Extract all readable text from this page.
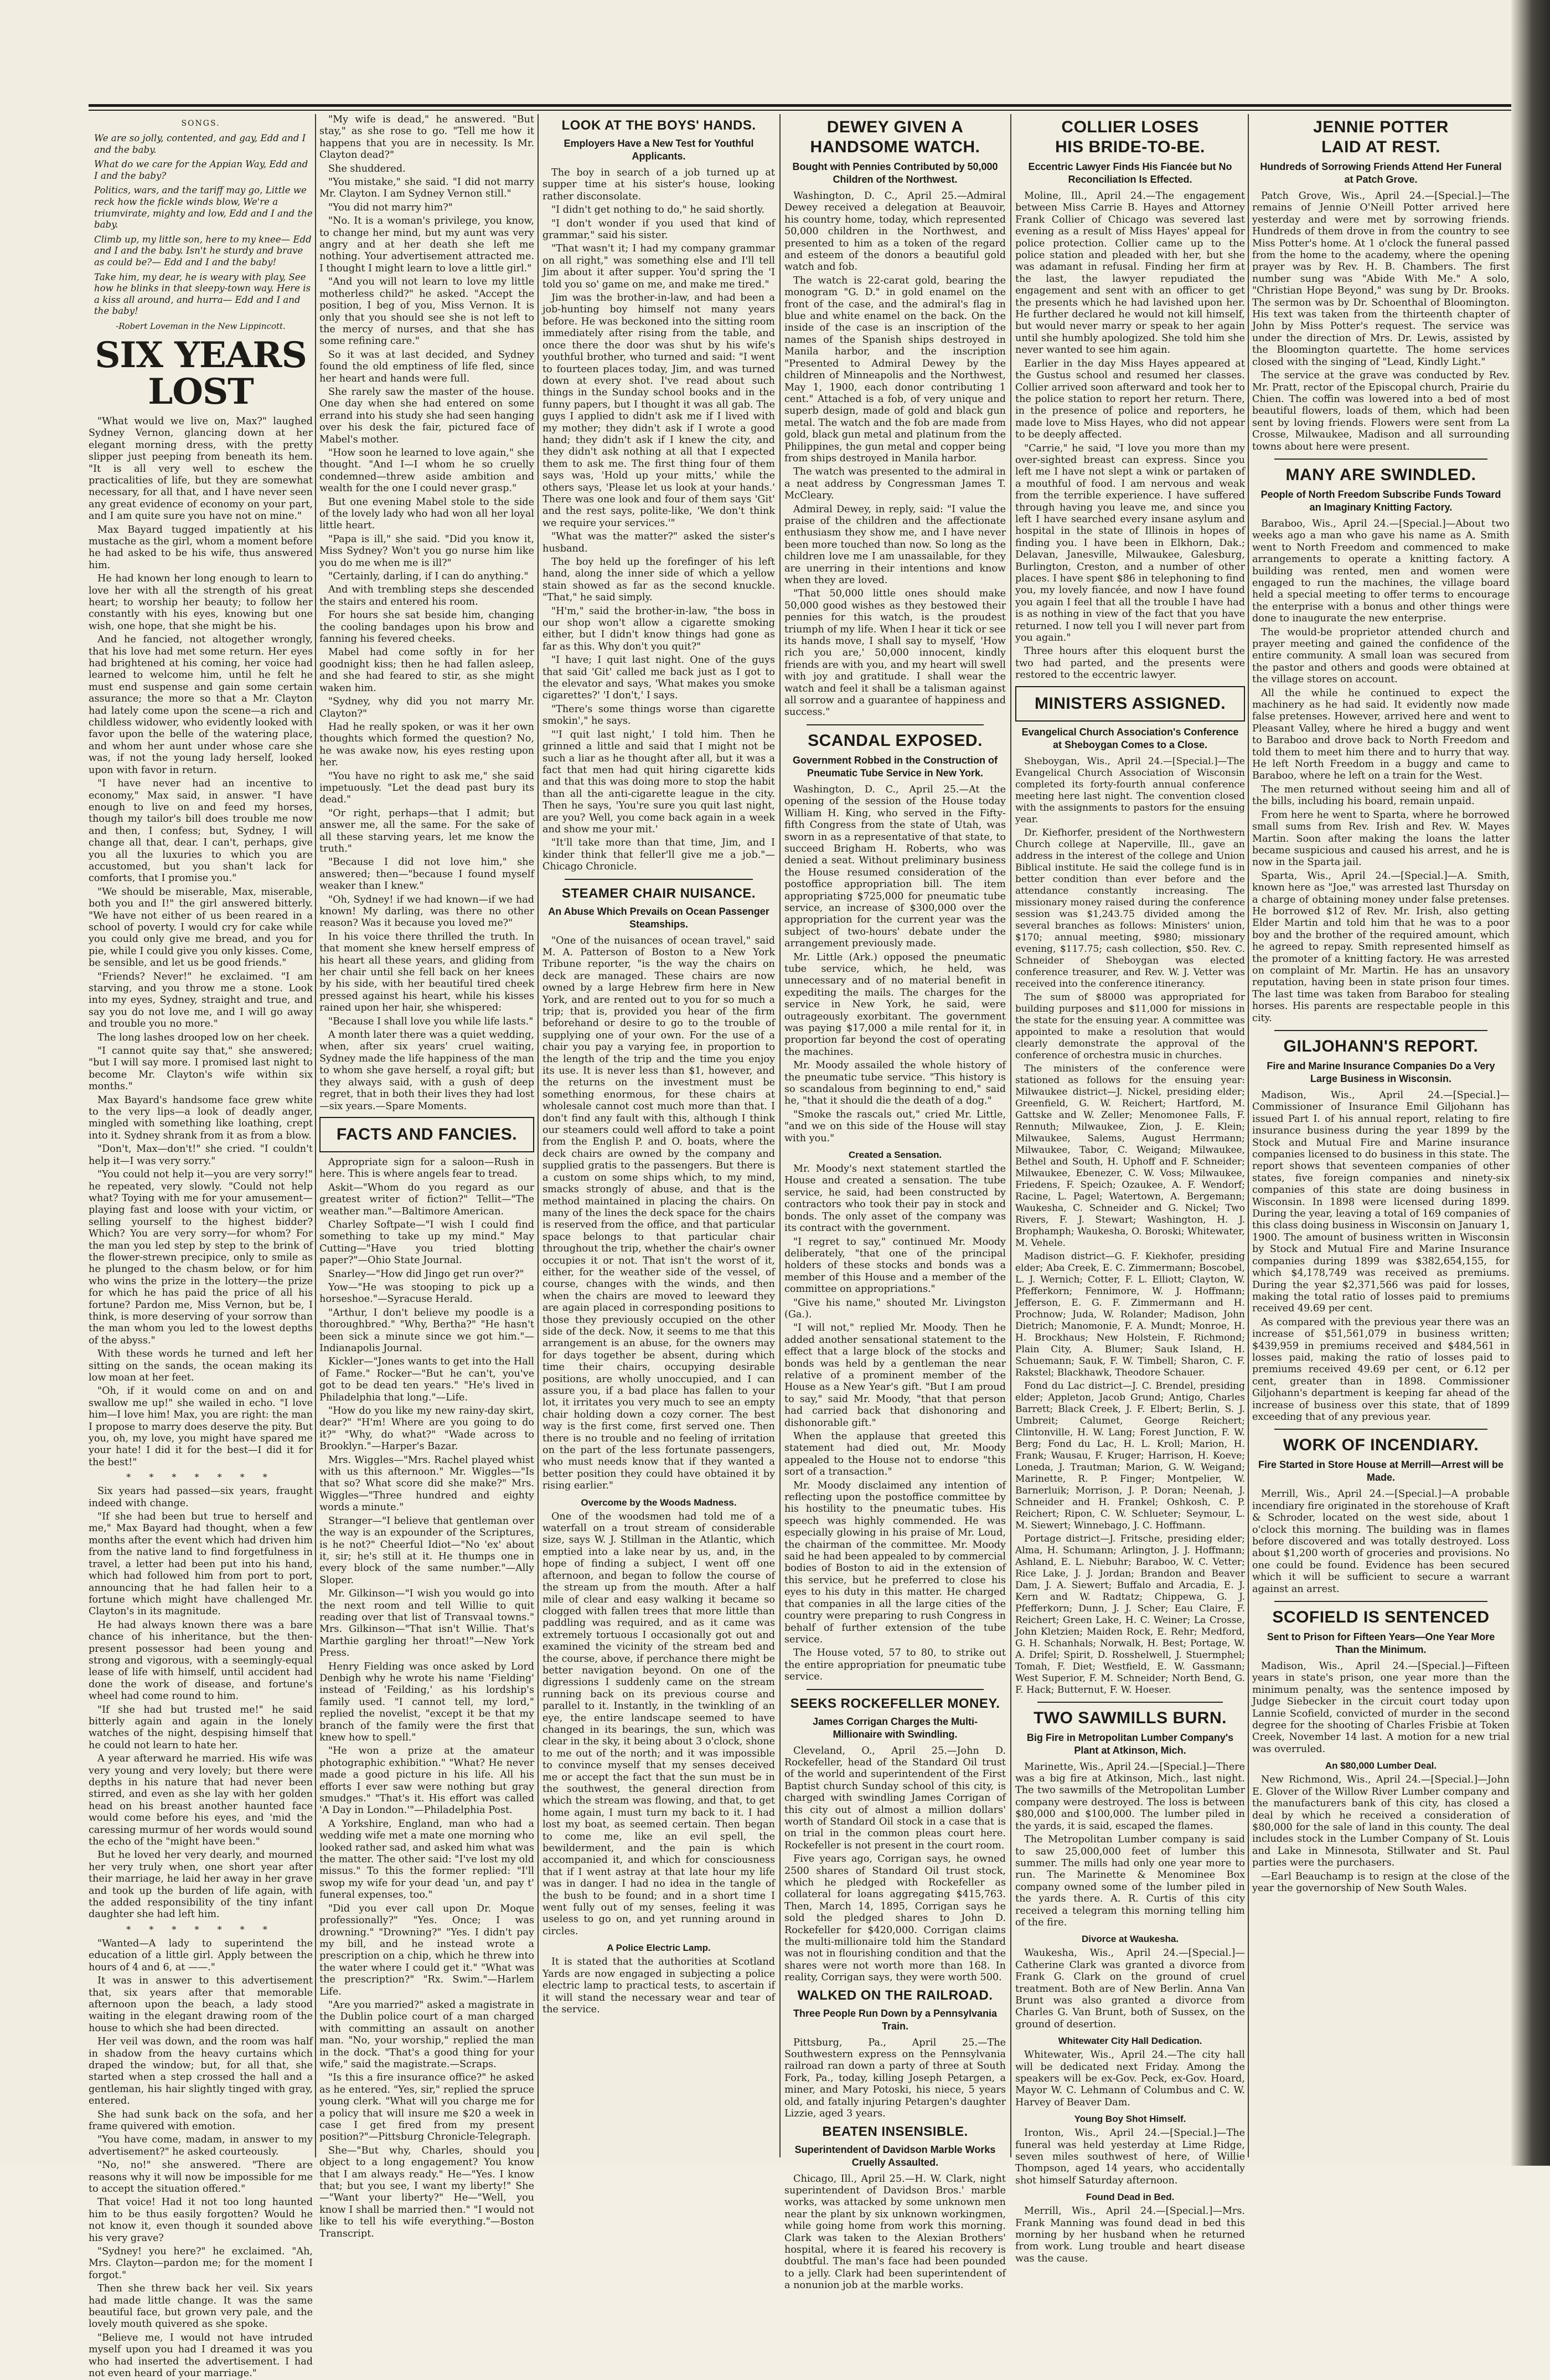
SONGS.

We are so jolly, contented, and gay, Edd and I and the baby.

What do we care for the Appian Way, Edd and I and the baby?

Politics, wars, and the tariff may go, Little we reck how the fickle winds blow, We're a triumvirate, mighty and low, Edd and I and the baby.

Climb up, my little son, here to my knee— Edd and I and the baby. Isn't he sturdy and brave as could be?— Edd and I and the baby!

Take him, my dear, he is weary with play, See how he blinks in that sleepy-town way. Here is a kiss all around, and hurra— Edd and I and the baby!

-Robert Loveman in the New Lippincott.
SIX YEARS LOST

"What would we live on, Max?" laughed Sydney Vernon, glancing down at her elegant morning dress, with the pretty slipper just peeping from beneath its hem. "It is all very well to eschew the practicalities of life, but they are somewhat necessary, for all that, and I have never seen any great evidence of economy on your part, and I am quite sure you have not on mine."

Max Bayard tugged impatiently at his mustache as the girl, whom a moment before he had asked to be his wife, thus answered him.

He had known her long enough to learn to love her with all the strength of his great heart; to worship her beauty; to follow her constantly with his eyes, knowing but one wish, one hope, that she might be his.

And he fancied, not altogether wrongly, that his love had met some return. Her eyes had brightened at his coming, her voice had learned to welcome him, until he felt he must end suspense and gain some certain assurance; the more so that a Mr. Clayton had lately come upon the scene—a rich and childless widower, who evidently looked with favor upon the belle of the watering place, and whom her aunt under whose care she was, if not the young lady herself, looked upon with favor in return.

"I have never had an incentive to economy," Max said, in answer. "I have enough to live on and feed my horses, though my tailor's bill does trouble me now and then, I confess; but, Sydney, I will change all that, dear. I can't, perhaps, give you all the luxuries to which you are accustomed, but you shan't lack for comforts, that I promise you."

"We should be miserable, Max, miserable, both you and I!" the girl answered bitterly. "We have not either of us been reared in a school of poverty. I would cry for cake while you could only give me bread, and you for pie, while I could give you only kisses. Come, be sensible, and let us be good friends."

"Friends? Never!" he exclaimed. "I am starving, and you throw me a stone. Look into my eyes, Sydney, straight and true, and say you do not love me, and I will go away and trouble you no more."

The long lashes drooped low on her cheek.

"I cannot quite say that," she answered; "but I will say more. I promised last night to become Mr. Clayton's wife within six months."

Max Bayard's handsome face grew white to the very lips—a look of deadly anger, mingled with something like loathing, crept into it. Sydney shrank from it as from a blow.

"Don't, Max—don't!" she cried. "I couldn't help it—I was very sorry."

"You could not help it—you are very sorry!" he repeated, very slowly. "Could not help what? Toying with me for your amusement—playing fast and loose with your victim, or selling yourself to the highest bidder? Which? You are very sorry—for whom? For the man you led step by step to the brink of the flower-strewn precipice, only to smile as he plunged to the chasm below, or for him who wins the prize in the lottery—the prize for which he has paid the price of all his fortune? Pardon me, Miss Vernon, but be, I think, is more deserving of your sorrow than the man whom you led to the lowest depths of the abyss."

With these words he turned and left her sitting on the sands, the ocean making its low moan at her feet.

"Oh, if it would come on and on and swallow me up!" she wailed in echo. "I love him—I love him! Max, you are right: the man I propose to marry does deserve the pity. But you, oh, my love, you might have spared me your hate! I did it for the best—I did it for the best!"

* * * * * * *

Six years had passed—six years, fraught indeed with change.

"If she had been but true to herself and me," Max Bayard had thought, when a few months after the event which had driven him from the native land to find forgetfulness in travel, a letter had been put into his hand, which had followed him from port to port, announcing that he had fallen heir to a fortune which might have challenged Mr. Clayton's in its magnitude.

He had always known there was a bare chance of his inheritance, but the then-present possessor had been young and strong and vigorous, with a seemingly-equal lease of life with himself, until accident had done the work of disease, and fortune's wheel had come round to him.

"If she had but trusted me!" he said bitterly again and again in the lonely watches of the night, despising himself that he could not learn to hate her.

A year afterward he married. His wife was very young and very lovely; but there were depths in his nature that had never been stirred, and even as she lay with her golden head on his breast another haunted face would come before his eyes, and 'mid the caressing murmur of her words would sound the echo of the "might have been."

But he loved her very dearly, and mourned her very truly when, one short year after their marriage, he laid her away in her grave and took up the burden of life again, with the added responsibility of the tiny infant daughter she had left him.

* * * * * * *

"Wanted—A lady to superintend the education of a little girl. Apply between the hours of 4 and 6, at ——."

It was in answer to this advertisement that, six years after that memorable afternoon upon the beach, a lady stood waiting in the elegant drawing room of the house to which she had been directed.

Her veil was down, and the room was half in shadow from the heavy curtains which draped the window; but, for all that, she started when a step crossed the hall and a gentleman, his hair slightly tinged with gray, entered.

She had sunk back on the sofa, and her frame quivered with emotion.

"You have come, madam, in answer to my advertisement?" he asked courteously.

"No, no!" she answered. "There are reasons why it will now be impossible for me to accept the situation offered."

That voice! Had it not too long haunted him to be thus easily forgotten? Would he not know it, even though it sounded above his very grave?

"Sydney! you here?" he exclaimed. "Ah, Mrs. Clayton—pardon me; for the moment I forgot."

Then she threw back her veil. Six years had made little change. It was the same beautiful face, but grown very pale, and the lovely mouth quivered as she spoke.

"Believe me, I would not have intruded myself upon you had I dreamed it was you who had inserted the advertisement. I had not even heard of your marriage."

"My wife is dead," he answered. "But stay," as she rose to go. "Tell me how it happens that you are in necessity. Is Mr. Clayton dead?"

She shuddered.

"You mistake," she said. "I did not marry Mr. Clayton. I am Sydney Vernon still."

"You did not marry him?"

"No. It is a woman's privilege, you know, to change her mind, but my aunt was very angry and at her death she left me nothing. Your advertisement attracted me. I thought I might learn to love a little girl."

"And you will not learn to love my little motherless child?" he asked. "Accept the position, I beg of you, Miss Vernon. It is only that you should see she is not left to the mercy of nurses, and that she has some refining care."

So it was at last decided, and Sydney found the old emptiness of life fled, since her heart and hands were full.

She rarely saw the master of the house. One day when she had entered on some errand into his study she had seen hanging over his desk the fair, pictured face of Mabel's mother.

"How soon he learned to love again," she thought. "And I—I whom he so cruelly condemned—threw aside ambition and wealth for the one I could never grasp."

But one evening Mabel stole to the side of the lovely lady who had won all her loyal little heart.

"Papa is ill," she said. "Did you know it, Miss Sydney? Won't you go nurse him like you do me when me is ill?"

"Certainly, darling, if I can do anything."

And with trembling steps she descended the stairs and entered his room.

For hours she sat beside him, changing the cooling bandages upon his brow and fanning his fevered cheeks.

Mabel had come softly in for her goodnight kiss; then he had fallen asleep, and she had feared to stir, as she might waken him.

"Sydney, why did you not marry Mr. Clayton?"

Had he really spoken, or was it her own thoughts which formed the question? No, he was awake now, his eyes resting upon her.

"You have no right to ask me," she said impetuously. "Let the dead past bury its dead."

"Or right, perhaps—that I admit; but answer me, all the same. For the sake of all these starving years, let me know the truth."

"Because I did not love him," she answered; then—"because I found myself weaker than I knew."

"Oh, Sydney! if we had known—if we had known! My darling, was there no other reason? Was it because you loved me?"

In his voice there thrilled the truth. In that moment she knew herself empress of his heart all these years, and gliding from her chair until she fell back on her knees by his side, with her beautiful tired cheek pressed against his heart, while his kisses rained upon her hair, she whispered:

"Because I shall love you while life lasts."

A month later there was a quiet wedding, when, after six years' cruel waiting, Sydney made the life happiness of the man to whom she gave herself, a royal gift; but they always said, with a gush of deep regret, that in both their lives they had lost—six years.—Spare Moments.

FACTS AND FANCIES.

Appropriate sign for a saloon—Rush in here. This is where angels fear to tread.

Askit—"Whom do you regard as our greatest writer of fiction?" Tellit—"The weather man."—Baltimore American.

Charley Softpate—"I wish I could find something to take up my mind." May Cutting—"Have you tried blotting paper?"—Ohio State Journal.

Snarley—"How did Jingo get run over?"

Yow—"He was stooping to pick up a horseshoe."—Syracuse Herald.

"Arthur, I don't believe my poodle is a thoroughbred." "Why, Bertha?" "He hasn't been sick a minute since we got him."—Indianapolis Journal.

Kickler—"Jones wants to get into the Hall of Fame." Rocker—"But he can't, you've got to be dead ten years." "He's lived in Philadelphia that long."—Life.

"How do you like my new rainy-day skirt, dear?" "H'm! Where are you going to do it?" "Why, do what?" "Wade across to Brooklyn."—Harper's Bazar.

Mrs. Wiggles—"Mrs. Rachel played whist with us this afternoon." Mr. Wiggles—"Is that so? What score did she make?" Mrs. Wiggles—"Three hundred and eighty words a minute."

Stranger—"I believe that gentleman over the way is an expounder of the Scriptures, is he not?" Cheerful Idiot—"No 'ex' about it, sir; he's still at it. He thumps one in every block of the same number."—Ally Sloper.

Mr. Gilkinson—"I wish you would go into the next room and tell Willie to quit reading over that list of Transvaal towns." Mrs. Gilkinson—"That isn't Willie. That's Marthie gargling her throat!"—New York Press.

Henry Fielding was once asked by Lord Denbigh why he wrote his name 'Fielding' instead of 'Feilding,' as his lordship's family used. "I cannot tell, my lord," replied the novelist, "except it be that my branch of the family were the first that knew how to spell."

"He won a prize at the amateur photographic exhibition." "What? He never made a good picture in his life. All his efforts I ever saw were nothing but gray smudges." "That's it. His effort was called 'A Day in London.'"—Philadelphia Post.

A Yorkshire, England, man who had a wedding wife met a mate one morning who looked rather sad, and asked him what was the matter. The other said: "I've lost my old missus." To this the former replied: "I'll swop my wife for your dead 'un, and pay t' funeral expenses, too."

"Did you ever call upon Dr. Moque professionally?" "Yes. Once; I was drowning." "Drowning?" "Yes. I didn't pay my bill, and he instead wrote a prescription on a chip, which he threw into the water where I could get it." "What was the prescription?" "Rx. Swim."—Harlem Life.

"Are you married?" asked a magistrate in the Dublin police court of a man charged with committing an assault on another man. "No, your worship," replied the man in the dock. "That's a good thing for your wife," said the magistrate.—Scraps.

"Is this a fire insurance office?" he asked as he entered. "Yes, sir," replied the spruce young clerk. "What will you charge me for a policy that will insure me $20 a week in case I get fired from my present position?"—Pittsburg Chronicle-Telegraph.

She—"But why, Charles, should you object to a long engagement? You know that I am always ready." He—"Yes. I know that; but you see, I want my liberty!" She—"Want your liberty?" He—"Well, you know I shall be married then." "I would not like to tell his wife everything."—Boston Transcript.

LOOK AT THE BOYS' HANDS.
Employers Have a New Test for Youthful Applicants.

The boy in search of a job turned up at supper time at his sister's house, looking rather disconsolate.

"I didn't get nothing to do," he said shortly.

"I don't wonder if you used that kind of grammar," said his sister.

"That wasn't it; I had my company grammar on all right," was something else and I'll tell Jim about it after supper. You'd spring the 'I told you so' game on me, and make me tired."

Jim was the brother-in-law, and had been a job-hunting boy himself not many years before. He was beckoned into the sitting room immediately after rising from the table, and once there the door was shut by his wife's youthful brother, who turned and said: "I went to fourteen places today, Jim, and was turned down at every shot. I've read about such things in the Sunday school books and in the funny papers, but I thought it was all gab. The guys I applied to didn't ask me if I lived with my mother; they didn't ask if I wrote a good hand; they didn't ask if I knew the city, and they didn't ask nothing at all that I expected them to ask me. The first thing four of them says was, 'Hold up your mitts,' while the others says, 'Please let us look at your hands.' There was one look and four of them says 'Git' and the rest says, polite-like, 'We don't think we require your services.'"

"What was the matter?" asked the sister's husband.

The boy held up the forefinger of his left hand, along the inner side of which a yellow stain showed as far as the second knuckle. "That," he said simply.

"H'm," said the brother-in-law, "the boss in our shop won't allow a cigarette smoking either, but I didn't know things had gone as far as this. Why don't you quit?"

"I have; I quit last night. One of the guys that said 'Git' called me back just as I got to the elevator and says, 'What makes you smoke cigarettes?' 'I don't,' I says.

"There's some things worse than cigarette smokin'," he says.

"'I quit last night,' I told him. Then he grinned a little and said that I might not be such a liar as he thought after all, but it was a fact that men had quit hiring cigarette kids and that this was doing more to stop the habit than all the anti-cigarette league in the city. Then he says, 'You're sure you quit last night, are you? Well, you come back again in a week and show me your mit.'

"It'll take more than that time, Jim, and I kinder think that feller'll give me a job."—Chicago Chronicle.

STEAMER CHAIR NUISANCE.
An Abuse Which Prevails on Ocean Passenger Steamships.

"One of the nuisances of ocean travel," said M. A. Patterson of Boston to a New York Tribune reporter, "is the way the chairs on deck are managed. These chairs are now owned by a large Hebrew firm here in New York, and are rented out to you for so much a trip; that is, provided you hear of the firm beforehand or desire to go to the trouble of supplying one of your own. For the use of a chair you pay a varying fee, in proportion to the length of the trip and the time you enjoy its use. It is never less than $1, however, and the returns on the investment must be something enormous, for these chairs at wholesale cannot cost much more than that. I don't find any fault with this, although I think our steamers could well afford to take a point from the English P. and O. boats, where the deck chairs are owned by the company and supplied gratis to the passengers. But there is a custom on some ships which, to my mind, smacks strongly of abuse, and that is the method maintained in placing the chairs. On many of the lines the deck space for the chairs is reserved from the office, and that particular space belongs to that particular chair throughout the trip, whether the chair's owner occupies it or not. That isn't the worst of it, either, for the weather side of the vessel, of course, changes with the winds, and then when the chairs are moved to leeward they are again placed in corresponding positions to those they previously occupied on the other side of the deck. Now, it seems to me that this arrangement is an abuse, for the owners may for days together be absent, during which time their chairs, occupying desirable positions, are wholly unoccupied, and I can assure you, if a bad place has fallen to your lot, it irritates you very much to see an empty chair holding down a cozy corner. The best way is the first come, first served one. Then there is no trouble and no feeling of irritation on the part of the less fortunate passengers, who must needs know that if they wanted a better position they could have obtained it by rising earlier."

Overcome by the Woods Madness.

One of the woodsmen had told me of a waterfall on a trout stream of considerable size, says W. J. Stillman in the Atlantic, which emptied into a lake near by us, and, in the hope of finding a subject, I went off one afternoon, and began to follow the course of the stream up from the mouth. After a half mile of clear and easy walking it became so clogged with fallen trees that more little than paddling was required, and as it came was extremely tortuous I occasionally got out and examined the vicinity of the stream bed and the course, above, if perchance there might be better navigation beyond. On one of the digressions I suddenly came on the stream running back on its previous course and parallel to it. Instantly, in the twinkling of an eye, the entire landscape seemed to have changed in its bearings, the sun, which was clear in the sky, it being about 3 o'clock, shone to me out of the north; and it was impossible to convince myself that my senses deceived me or accept the fact that the sun must be in the southwest, the general direction from which the stream was flowing, and that, to get home again, I must turn my back to it. I had lost my boat, as seemed certain. Then began to come me, like an evil spell, the bewilderment, and the pain is which accompanied it, and which for consciousness that if I went astray at that late hour my life was in danger. I had no idea in the tangle of the bush to be found; and in a short time I went fully out of my senses, feeling it was useless to go on, and yet running around in circles.

A Police Electric Lamp.

It is stated that the authorities at Scotland Yards are now engaged in subjecting a police electric lamp to practical tests, to ascertain if it will stand the necessary wear and tear of the service.

DEWEY GIVEN A
HANDSOME WATCH.
Bought with Pennies Contributed by 50,000 Children of the Northwest.

Washington, D. C., April 25.—Admiral Dewey received a delegation at Beauvoir, his country home, today, which represented 50,000 children in the Northwest, and presented to him as a token of the regard and esteem of the donors a beautiful gold watch and fob.

The watch is 22-carat gold, bearing the monogram "G. D." in gold enamel on the front of the case, and the admiral's flag in blue and white enamel on the back. On the inside of the case is an inscription of the names of the Spanish ships destroyed in Manila harbor, and the inscription "Presented to Admiral Dewey by the children of Minneapolis and the Northwest, May 1, 1900, each donor contributing 1 cent." Attached is a fob, of very unique and superb design, made of gold and black gun metal. The watch and the fob are made from gold, black gun metal and platinum from the Philippines, the gun metal and copper being from ships destroyed in Manila harbor.

The watch was presented to the admiral in a neat address by Congressman James T. McCleary.

Admiral Dewey, in reply, said: "I value the praise of the children and the affectionate enthusiasm they show me, and I have never been more touched than now. So long as the children love me I am unassailable, for they are unerring in their intentions and know when they are loved.

"That 50,000 little ones should make 50,000 good wishes as they bestowed their pennies for this watch, is the proudest triumph of my life. When I hear it tick or see its hands move, I shall say to myself, 'How rich you are,' 50,000 innocent, kindly friends are with you, and my heart will swell with joy and gratitude. I shall wear the watch and feel it shall be a talisman against all sorrow and a guarantee of happiness and success."

SCANDAL EXPOSED.
Government Robbed in the Construction of Pneumatic Tube Service in New York.

Washington, D. C., April 25.—At the opening of the session of the House today William H. King, who served in the Fifty-fifth Congress from the state of Utah, was sworn in as a representative of that state, to succeed Brigham H. Roberts, who was denied a seat. Without preliminary business the House resumed consideration of the postoffice appropriation bill. The item appropriating $725,000 for pneumatic tube service, an increase of $300,000 over the appropriation for the current year was the subject of two-hours' debate under the arrangement previously made.

Mr. Little (Ark.) opposed the pneumatic tube service, which, he held, was unnecessary and of no material benefit in expediting the mails. The charges for the service in New York, he said, were outrageously exorbitant. The government was paying $17,000 a mile rental for it, in proportion far beyond the cost of operating the machines.

Mr. Moody assailed the whole history of the pneumatic tube service. "This history is so scandalous from beginning to end," said he, "that it should die the death of a dog."

"Smoke the rascals out," cried Mr. Little, "and we on this side of the House will stay with you."

Created a Sensation.

Mr. Moody's next statement startled the House and created a sensation. The tube service, he said, had been constructed by contractors who took their pay in stock and bonds. The only asset of the company was its contract with the government.

"I regret to say," continued Mr. Moody deliberately, "that one of the principal holders of these stocks and bonds was a member of this House and a member of the committee on appropriations."

"Give his name," shouted Mr. Livingston (Ga.).

"I will not," replied Mr. Moody. Then he added another sensational statement to the effect that a large block of the stocks and bonds was held by a gentleman the near relative of a prominent member of the House as a New Year's gift. "But I am proud to say," said Mr. Moody, "that that person had carried back that dishonoring and dishonorable gift."

When the applause that greeted this statement had died out, Mr. Moody appealed to the House not to endorse "this sort of a transaction."

Mr. Moody disclaimed any intention of reflecting upon the postoffice committee by his hostility to the pneumatic tubes. His speech was highly commended. He was especially glowing in his praise of Mr. Loud, the chairman of the committee. Mr. Moody said he had been appealed to by commercial bodies of Boston to aid in the extension of this service, but he preferred to close his eyes to his duty in this matter. He charged that companies in all the large cities of the country were preparing to rush Congress in behalf of further extension of the tube service.

The House voted, 57 to 80, to strike out the entire appropriation for pneumatic tube service.

SEEKS ROCKEFELLER MONEY.
James Corrigan Charges the Multi-Millionaire with Swindling.

Cleveland, O., April 25.—John D. Rockefeller, head of the Standard Oil trust of the world and superintendent of the First Baptist church Sunday school of this city, is charged with swindling James Corrigan of this city out of almost a million dollars' worth of Standard Oil stock in a case that is on trial in the common pleas court here. Rockefeller is not present in the court room.

Five years ago, Corrigan says, he owned 2500 shares of Standard Oil trust stock, which he pledged with Rockefeller as collateral for loans aggregating $415,763. Then, March 14, 1895, Corrigan says he sold the pledged shares to John D. Rockefeller for $420,000. Corrigan claims the multi-millionaire told him the Standard was not in flourishing condition and that the shares were not worth more than 168. In reality, Corrigan says, they were worth 500.

WALKED ON THE RAILROAD.
Three People Run Down by a Pennsylvania Train.

Pittsburg, Pa., April 25.—The Southwestern express on the Pennsylvania railroad ran down a party of three at South Fork, Pa., today, killing Joseph Petargen, a miner, and Mary Potoski, his niece, 5 years old, and fatally injuring Petargen's daughter Lizzie, aged 3 years.

BEATEN INSENSIBLE.
Superintendent of Davidson Marble Works Cruelly Assaulted.

Chicago, Ill., April 25.—H. W. Clark, night superintendent of Davidson Bros.' marble works, was attacked by some unknown men near the plant by six unknown workingmen, while going home from work this morning. Clark was taken to the Alexian Brothers' hospital, where it is feared his recovery is doubtful. The man's face had been pounded to a jelly. Clark had been superintendent of a nonunion job at the marble works.

COLLIER LOSES
HIS BRIDE-TO-BE.
Eccentric Lawyer Finds His Fiancée but No Reconciliation Is Effected.

Moline, Ill., April 24.—The engagement between Miss Carrie B. Hayes and Attorney Frank Collier of Chicago was severed last evening as a result of Miss Hayes' appeal for police protection. Collier came up to the police station and pleaded with her, but she was adamant in refusal. Finding her firm at the last, the lawyer repudiated the engagement and sent with an officer to get the presents which he had lavished upon her. He further declared he would not kill himself, but would never marry or speak to her again until she humbly apologized. She told him she never wanted to see him again.

Earlier in the day Miss Hayes appeared at the Gustus school and resumed her classes. Collier arrived soon afterward and took her to the police station to report her return. There, in the presence of police and reporters, he made love to Miss Hayes, who did not appear to be deeply affected.

"Carrie," he said, "I love you more than my over-sighted breast can express. Since you left me I have not slept a wink or partaken of a mouthful of food. I am nervous and weak from the terrible experience. I have suffered through having you leave me, and since you left I have searched every insane asylum and hospital in the state of Illinois in hopes of finding you. I have been in Elkhorn, Dak.; Delavan, Janesville, Milwaukee, Galesburg, Burlington, Creston, and a number of other places. I have spent $86 in telephoning to find you, my lovely fiancée, and now I have found you again I feel that all the trouble I have had is as nothing in view of the fact that you have returned. I now tell you I will never part from you again."

Three hours after this eloquent burst the two had parted, and the presents were restored to the eccentric lawyer.

MINISTERS ASSIGNED.
Evangelical Church Association's Conference at Sheboygan Comes to a Close.

Sheboygan, Wis., April 24.—[Special.]—The Evangelical Church Association of Wisconsin completed its forty-fourth annual conference meeting here last night. The convention closed with the assignments to pastors for the ensuing year.

Dr. Kiefhorfer, president of the Northwestern Church college at Naperville, Ill., gave an address in the interest of the college and Union Biblical institute. He said the college fund is in better condition than ever before and the attendance constantly increasing. The missionary money raised during the conference session was $1,243.75 divided among the several branches as follows: Ministers' union, $170; annual meeting, $980; missionary evening, $117.75; cash collection, $50. Rev. C. Schneider of Sheboygan was elected conference treasurer, and Rev. W. J. Vetter was received into the conference itinerancy.

The sum of $8000 was appropriated for building purposes and $11,000 for missions in the state for the ensuing year. A committee was appointed to make a resolution that would clearly demonstrate the approval of the conference of orchestra music in churches.

The ministers of the conference were stationed as follows for the ensuing year: Milwaukee district—J. Nickel, presiding elder; Greenfield, G. W. Reichert; Hartford, M. Gattske and W. Zeller; Menomonee Falls, F. Rennuth; Milwaukee, Zion, J. E. Klein; Milwaukee, Salems, August Herrmann; Milwaukee, Tabor, C. Weigand; Milwaukee, Bethel and South, H. Uphoff and F. Schneider; Milwaukee, Ebenezer, C. W. Voss; Milwaukee, Friedens, F. Speich; Ozaukee, A. F. Wendorf; Racine, L. Pagel; Watertown, A. Bergemann; Waukesha, C. Schneider and G. Nickel; Two Rivers, F. J. Stewart; Washington, H. J. Brophamph; Waukesha, O. Boroski; Whitewater, M. Vehele.

Madison district—G. F. Kiekhofer, presiding elder; Aba Creek, E. C. Zimmermann; Boscobel, L. J. Wernich; Cotter, F. L. Elliott; Clayton, W. Pfefferkorn; Fennimore, W. J. Hoffmann; Jefferson, E. G. F. Zimmermann and H. Prochnow; Juda, W. Rolander; Madison, John Dietrich; Manomonie, F. A. Mundt; Monroe, H. H. Brockhaus; New Holstein, F. Richmond; Plain City, A. Blumer; Sauk Island, H. Schuemann; Sauk, F. W. Timbell; Sharon, C. F. Rakstel; Blackhawk, Theodore Schauer.

Fond du Lac district—J. C. Brendel, presiding elder; Appleton, Jacob Grund; Antigo, Charles Barrett; Black Creek, J. F. Elbert; Berlin, S. J. Umbreit; Calumet, George Reichert; Clintonville, H. W. Lang; Forest Junction, F. W. Berg; Fond du Lac, H. L. Kroll; Marion, H. Frank; Wausau, F. Kruger; Harrison, H. Koeve; Loneda, J. Trautman; Marion, G. W. Weigand; Marinette, R. P. Finger; Montpelier, W. Barnerluik; Morrison, J. P. Doran; Neenah, J. Schneider and H. Frankel; Oshkosh, C. P. Reichert; Ripon, C. W. Schlueter; Seymour, L. M. Siewert; Winnebago, J. C. Hoffmann.

Portage district—J. Fritsche, presiding elder; Alma, H. Schumann; Arlington, J. J. Hoffmann; Ashland, E. L. Niebuhr; Baraboo, W. C. Vetter; Rice Lake, J. J. Jordan; Brandon and Beaver Dam, J. A. Siewert; Buffalo and Arcadia, E. J. Kern and W. Radtatz; Chippewa, G. J. Pfefferkorn; Dunn, J. J. Scher; Eau Claire, F. Reichert; Green Lake, H. C. Weiner; La Crosse, John Kletzien; Maiden Rock, E. Rehr; Medford, G. H. Schanhals; Norwalk, H. Best; Portage, W. A. Drifel; Spirit, D. Rosshelwell, J. Stuermphel; Tomah, F. Diet; Westfield, E. W. Gassmann; West Superior, F. M. Schneider; North Bend, G. F. Hack; Butternut, F. W. Hoeser.

TWO SAWMILLS BURN.
Big Fire in Metropolitan Lumber Company's Plant at Atkinson, Mich.

Marinette, Wis., April 24.—[Special.]—There was a big fire at Atkinson, Mich., last night. The two sawmills of the Metropolitan Lumber company were destroyed. The loss is between $80,000 and $100,000. The lumber piled in the yards, it is said, escaped the flames.

The Metropolitan Lumber company is said to saw 25,000,000 feet of lumber this summer. The mills had only one year more to run. The Marinette & Menominee Box company owned some of the lumber piled in the yards there. A. R. Curtis of this city received a telegram this morning telling him of the fire.

Divorce at Waukesha.

Waukesha, Wis., April 24.—[Special.]—Catherine Clark was granted a divorce from Frank G. Clark on the ground of cruel treatment. Both are of New Berlin. Anna Van Brunt was also granted a divorce from Charles G. Van Brunt, both of Sussex, on the ground of desertion.

Whitewater City Hall Dedication.

Whitewater, Wis., April 24.—The city hall will be dedicated next Friday. Among the speakers will be ex-Gov. Peck, ex-Gov. Hoard, Mayor W. C. Lehmann of Columbus and C. W. Harvey of Beaver Dam.

Young Boy Shot Himself.

Ironton, Wis., April 24.—[Special.]—The funeral was held yesterday at Lime Ridge, seven miles southwest of here, of Willie Thompson, aged 14 years, who accidentally shot himself Saturday afternoon.

Found Dead in Bed.

Merrill, Wis., April 24.—[Special.]—Mrs. Frank Manning was found dead in bed this morning by her husband when he returned from work. Lung trouble and heart disease was the cause.

JENNIE POTTER
LAID AT REST.
Hundreds of Sorrowing Friends Attend Her Funeral at Patch Grove.

Patch Grove, Wis., April 24.—[Special.]—The remains of Jennie O'Neill Potter arrived here yesterday and were met by sorrowing friends. Hundreds of them drove in from the country to see Miss Potter's home. At 1 o'clock the funeral passed from the home to the academy, where the opening prayer was by Rev. H. B. Chambers. The first number sung was "Abide With Me." A solo, "Christian Hope Beyond," was sung by Dr. Brooks. The sermon was by Dr. Schoenthal of Bloomington. His text was taken from the thirteenth chapter of John by Miss Potter's request. The service was under the direction of Mrs. Dr. Lewis, assisted by the Bloomington quartette. The home services closed with the singing of "Lead, Kindly Light."

The service at the grave was conducted by Rev. Mr. Pratt, rector of the Episcopal church, Prairie du Chien. The coffin was lowered into a bed of most beautiful flowers, loads of them, which had been sent by loving friends. Flowers were sent from La Crosse, Milwaukee, Madison and all surrounding towns about here were present.

MANY ARE SWINDLED.
People of North Freedom Subscribe Funds Toward an Imaginary Knitting Factory.

Baraboo, Wis., April 24.—[Special.]—About two weeks ago a man who gave his name as A. Smith went to North Freedom and commenced to make arrangements to operate a knitting factory. A building was rented, men and women were engaged to run the machines, the village board held a special meeting to offer terms to encourage the enterprise with a bonus and other things were done to inaugurate the new enterprise.

The would-be proprietor attended church and prayer meeting and gained the confidence of the entire community. A small loan was secured from the pastor and others and goods were obtained at the village stores on account.

All the while he continued to expect the machinery as he had said. It evidently now made false pretenses. However, arrived here and went to Pleasant Valley, where he hired a buggy and went to Baraboo and drove back to North Freedom and told them to meet him there and to hurry that way. He left North Freedom in a buggy and came to Baraboo, where he left on a train for the West.

The men returned without seeing him and all of the bills, including his board, remain unpaid.

From here he went to Sparta, where he borrowed small sums from Rev. Irish and Rev. W. Mayes Martin. Soon after making the loans the latter became suspicious and caused his arrest, and he is now in the Sparta jail.

Sparta, Wis., April 24.—[Special.]—A. Smith, known here as "Joe," was arrested last Thursday on a charge of obtaining money under false pretenses. He borrowed $12 of Rev. Mr. Irish, also getting Elder Martin and told him that he was to a poor boy and the brother of the required amount, which he agreed to repay. Smith represented himself as the promoter of a knitting factory. He was arrested on complaint of Mr. Martin. He has an unsavory reputation, having been in state prison four times. The last time was taken from Baraboo for stealing horses. His parents are respectable people in this city.

GILJOHANN'S REPORT.
Fire and Marine Insurance Companies Do a Very Large Business in Wisconsin.

Madison, Wis., April 24.—[Special.]—Commissioner of Insurance Emil Giljohann has issued Part I. of his annual report, relating to fire insurance business during the year 1899 by the Stock and Mutual Fire and Marine insurance companies licensed to do business in this state. The report shows that seventeen companies of other states, five foreign companies and ninety-six companies of this state are doing business in Wisconsin. In 1898 were licensed during 1899. During the year, leaving a total of 169 companies of this class doing business in Wisconsin on January 1, 1900. The amount of business written in Wisconsin by Stock and Mutual Fire and Marine Insurance companies during 1899 was $382,654,155, for which $4,178,749 was received as premiums. During the year $2,371,566 was paid for losses, making the total ratio of losses paid to premiums received 49.69 per cent.

As compared with the previous year there was an increase of $51,561,079 in business written; $439,959 in premiums received and $484,561 in losses paid, making the ratio of losses paid to premiums received 49.69 per cent, or 6.12 per cent, greater than in 1898. Commissioner Giljohann's department is keeping far ahead of the increase of business over this state, that of 1899 exceeding that of any previous year.

WORK OF INCENDIARY.
Fire Started in Store House at Merrill—Arrest will be Made.

Merrill, Wis., April 24.—[Special.]—A probable incendiary fire originated in the storehouse of Kraft & Schroder, located on the west side, about 1 o'clock this morning. The building was in flames before discovered and was totally destroyed. Loss about $1,200 worth of groceries and provisions. No one could be found. Evidence has been secured which it will be sufficient to secure a warrant against an arrest.

SCOFIELD IS SENTENCED
Sent to Prison for Fifteen Years—One Year More Than the Minimum.

Madison, Wis., April 24.—[Special.]—Fifteen years in state's prison, one year more than the minimum penalty, was the sentence imposed by Judge Siebecker in the circuit court today upon Lannie Scofield, convicted of murder in the second degree for the shooting of Charles Frisbie at Token Creek, November 14 last. A motion for a new trial was overruled.

An $80,000 Lumber Deal.

New Richmond, Wis., April 24.—[Special.]—John E. Glover of the Willow River Lumber company and the manufacturers bank of this city, has closed a deal by which he received a consideration of $80,000 for the sale of land in this county. The deal includes stock in the Lumber Company of St. Louis and Lake in Minnesota, Stillwater and St. Paul parties were the purchasers.

—Earl Beauchamp is to resign at the close of the year the governorship of New South Wales.
